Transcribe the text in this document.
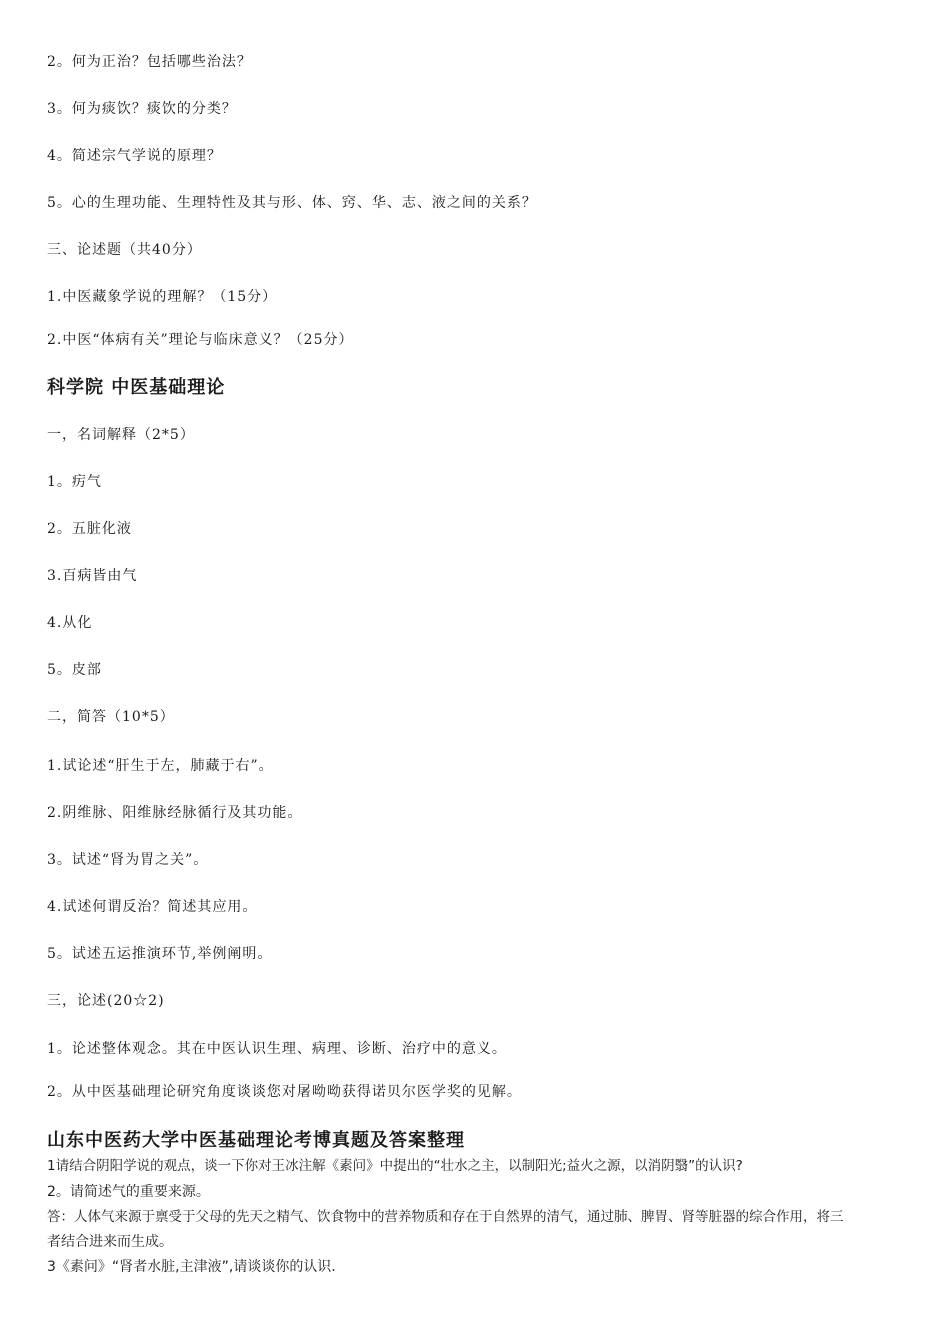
2。何为正治？包括哪些治法？
3。何为痰饮？痰饮的分类？
4。简述宗气学说的原理？
5。心的生理功能、生理特性及其与形、体、窍、华、志、液之间的关系？
三、论述题（共40分）
1.中医藏象学说的理解？（15分）
2.中医“体病有关”理论与临床意义？（25分）
科学院 中医基础理论
一，名词解释（2*5）
1。疠气
2。五脏化液
3.百病皆由气
4.从化
5。皮部
二，简答（10*5）
1.试论述“肝生于左，肺藏于右”。
2.阴维脉、阳维脉经脉循行及其功能。
3。试述“肾为胃之关”。
4.试述何谓反治？简述其应用。
5。试述五运推演环节,举例阐明。
三，论述(20☆2)
1。论述整体观念。其在中医认识生理、病理、诊断、治疗中的意义。
2。从中医基础理论研究角度谈谈您对屠呦呦获得诺贝尔医学奖的见解。
山东中医药大学中医基础理论考博真题及答案整理
1请结合阴阳学说的观点，谈一下你对王冰注解《素问》中提出的“壮水之主，以制阳光;益火之源，以消阴翳”的认识?
2。请简述气的重要来源。
答：人体气来源于禀受于父母的先天之精气、饮食物中的营养物质和存在于自然界的清气，通过肺、脾胃、肾等脏器的综合作用，将三
者结合进来而生成。
3《素问》“肾者水脏,主津液”,请谈谈你的认识.
